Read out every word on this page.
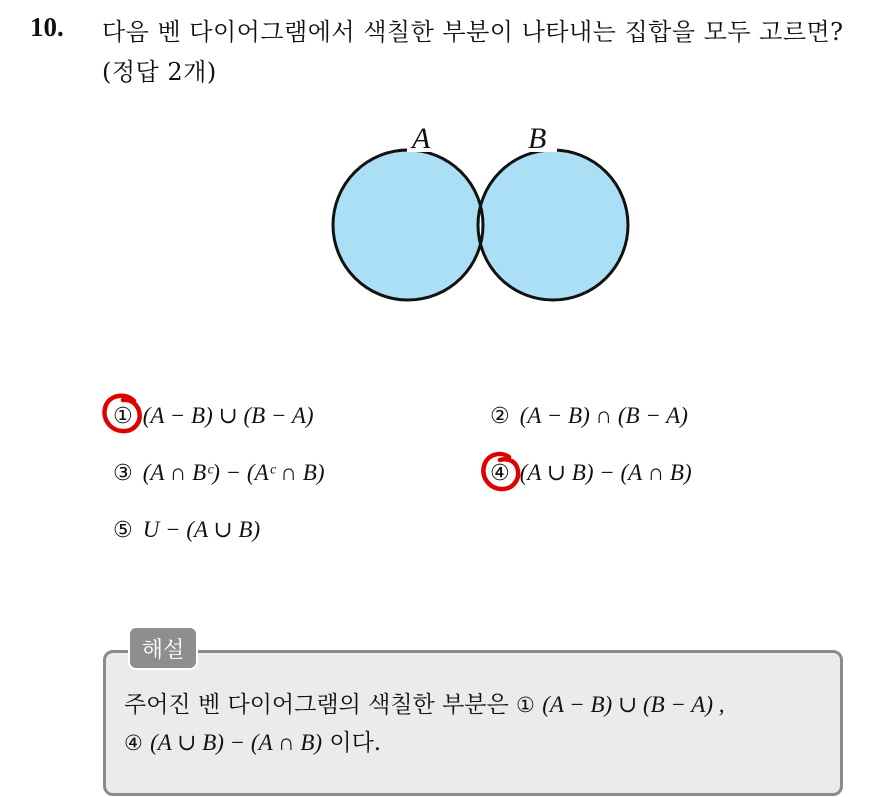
10. 다음 벤 다이어그램에서 색칠한 부분이 나타내는 집합을 모두 고르면?(정답 2개)
A	B
① (A − B) ∪ (B − A)	② (A − B) ∩ (B − A)
③ (A ∩ Bᶜ) − (Aᶜ ∩ B)	④ (A ∪ B) − (A ∩ B)
⑤ U − (A ∪ B)
해설
주어진 벤 다이어그램의 색칠한 부분은 ① (A − B) ∪ (B − A) ,
④ (A ∪ B) − (A ∩ B) 이다.
